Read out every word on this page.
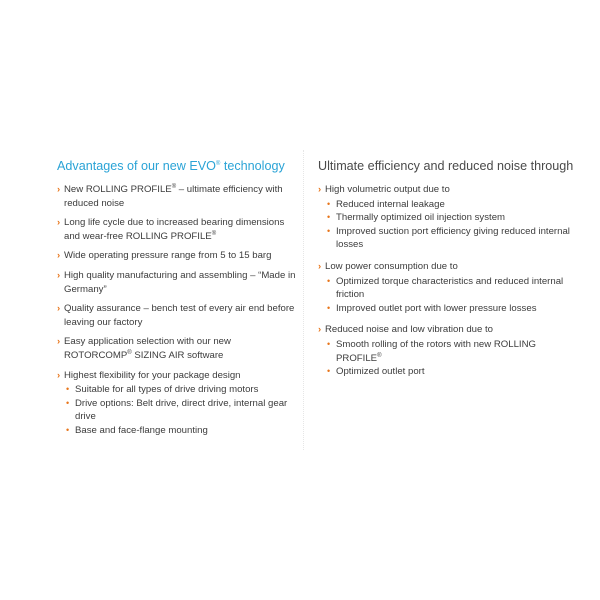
Advantages of our new EVO® technology
› New ROLLING PROFILE® – ultimate efficiency with reduced noise
› Long life cycle due to increased bearing dimensions and wear-free ROLLING PROFILE®
› Wide operating pressure range from 5 to 15 barg
› High quality manufacturing and assembling – “Made in Germany”
› Quality assurance – bench test of every air end before leaving our factory
› Easy application selection with our new ROTORCOMP® SIZING AIR software
› Highest flexibility for your package design
• Suitable for all types of drive driving motors
• Drive options: Belt drive, direct drive, internal gear drive
• Base and face-flange mounting
Ultimate efficiency and reduced noise through
› High volumetric output due to
• Reduced internal leakage
• Thermally optimized oil injection system
• Improved suction port efficiency giving reduced internal losses
› Low power consumption due to
• Optimized torque characteristics and reduced internal friction
• Improved outlet port with lower pressure losses
› Reduced noise and low vibration due to
• Smooth rolling of the rotors with new ROLLING PROFILE®
• Optimized outlet port
